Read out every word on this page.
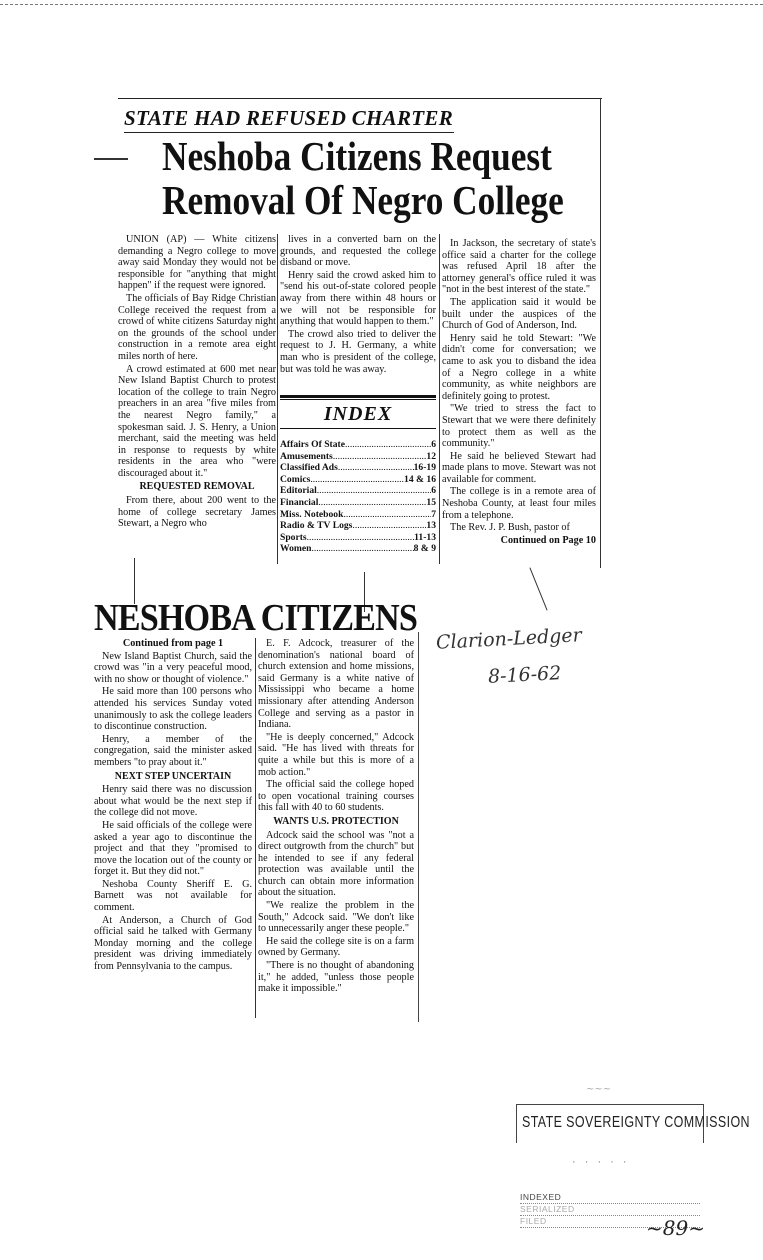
STATE HAD REFUSED CHARTER
Neshoba Citizens Request
Removal Of Negro College

UNION (AP) — White citizens demanding a Negro college to move away said Monday they would not be responsible for "anything that might happen" if the request were ignored.

The officials of Bay Ridge Christian College received the request from a crowd of white citizens Saturday night on the grounds of the school under construction in a remote area eight miles north of here.

A crowd estimated at 600 met near New Island Baptist Church to protest location of the college to train Negro preachers in an area "five miles from the nearest Negro family," a spokesman said. J. S. Henry, a Union merchant, said the meeting was held in response to requests by white residents in the area who "were discouraged about it."

REQUESTED REMOVAL

From there, about 200 went to the home of college secretary James Stewart, a Negro who

lives in a converted barn on the grounds, and requested the college disband or move.

Henry said the crowd asked him to "send his out-of-state colored people away from there within 48 hours or we will not be responsible for anything that would happen to them."

The crowd also tried to deliver the request to J. H. Germany, a white man who is president of the college, but was told he was away.

INDEX
Affairs Of State .....	6
Amusements .....	12
Classified Ads .....	16-19
Comics .....	14 & 16
Editorial .....	6
Financial .....	15
Miss. Notebook .....	7
Radio & TV Logs .....	13
Sports .....	11-13
Women .....	8 & 9

In Jackson, the secretary of state's office said a charter for the college was refused April 18 after the attorney general's office ruled it was "not in the best interest of the state."

The application said it would be built under the auspices of the Church of God of Anderson, Ind.

Henry said he told Stewart: "We didn't come for conversation; we came to ask you to disband the idea of a Negro college in a white community, as white neighbors are definitely going to protest.

"We tried to stress the fact to Stewart that we were there definitely to protect them as well as the community."

He said he believed Stewart had made plans to move. Stewart was not available for comment.

The college is in a remote area of Neshoba County, at least four miles from a telephone.

The Rev. J. P. Bush, pastor of

Continued on Page 10

NESHOBA CITIZENS

Continued from page 1

New Island Baptist Church, said the crowd was "in a very peaceful mood, with no show or thought of violence."

He said more than 100 persons who attended his services Sunday voted unanimously to ask the college leaders to discontinue construction.

Henry, a member of the congregation, said the minister asked members "to pray about it."

NEXT STEP UNCERTAIN

Henry said there was no discussion about what would be the next step if the college did not move.

He said officials of the college were asked a year ago to discontinue the project and that they "promised to move the location out of the county or forget it. But they did not."

Neshoba County Sheriff E. G. Barnett was not available for comment.

At Anderson, a Church of God official said he talked with Germany Monday morning and the college president was driving immediately from Pennsylvania to the campus.

E. F. Adcock, treasurer of the denomination's national board of church extension and home missions, said Germany is a white native of Mississippi who became a home missionary after attending Anderson College and serving as a pastor in Indiana.

"He is deeply concerned," Adcock said. "He has lived with threats for quite a while but this is more of a mob action."

The official said the college hoped to open vocational training courses this fall with 40 to 60 students.

WANTS U.S. PROTECTION

Adcock said the school was "not a direct outgrowth from the church" but he intended to see if any federal protection was available until the church can obtain more information about the situation.

"We realize the problem in the South," Adcock said. "We don't like to unnecessarily anger these people."

He said the college site is on a farm owned by Germany.

"There is no thought of abandoning it," he added, "unless those people make it impossible."

Clarion-Ledger
8-16-62
~~~
STATE SOVEREIGNTY COMMISSION
· · · · ·
INDEXED
SERIALIZED
FILED	~89~
